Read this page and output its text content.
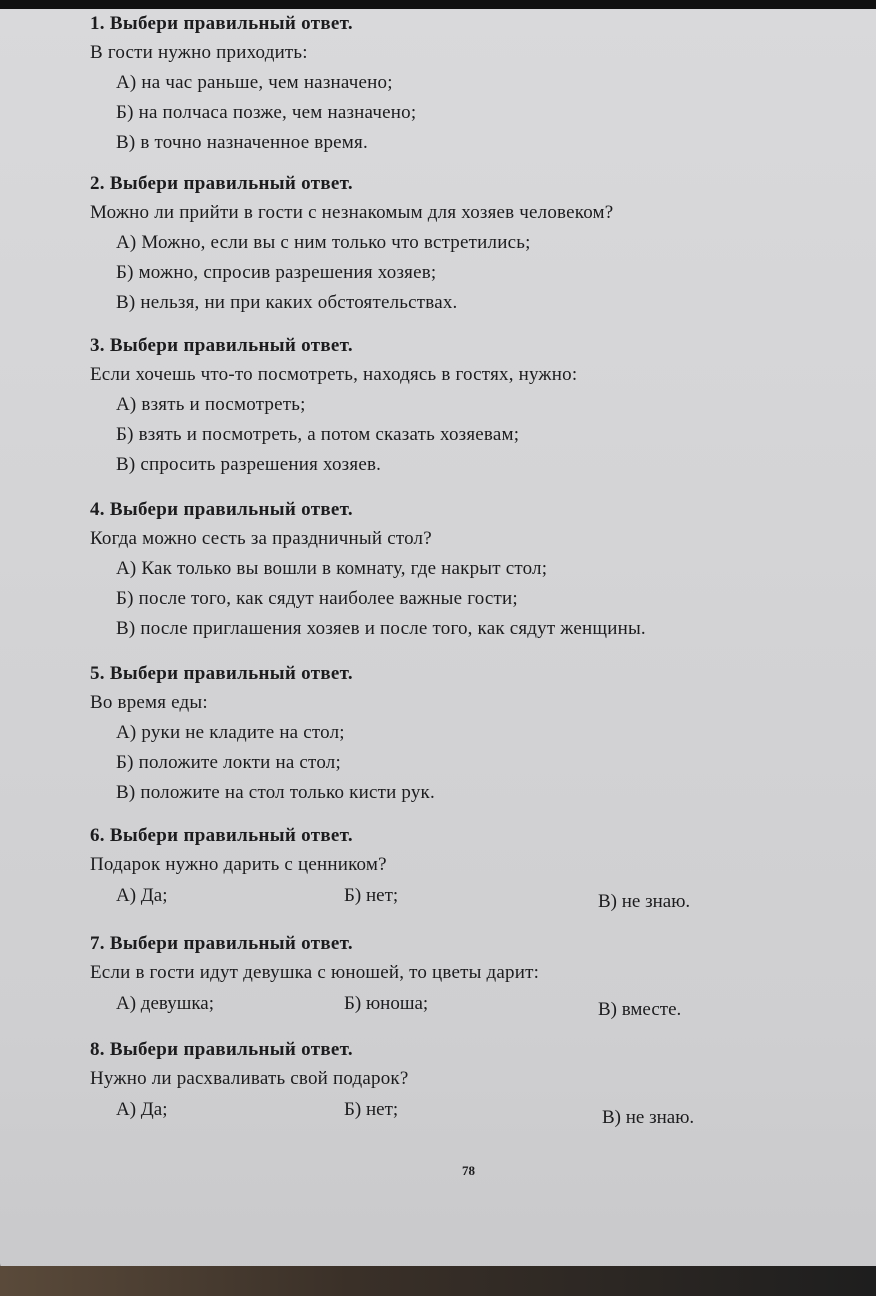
1. Выбери правильный ответ.

В гости нужно приходить:

А) на час раньше, чем назначено;

Б) на полчаса позже, чем назначено;

В) в точно назначенное время.

2. Выбери правильный ответ.

Можно ли прийти в гости с незнакомым для хозяев человеком?

А) Можно, если вы с ним только что встретились;

Б) можно, спросив разрешения хозяев;

В) нельзя, ни при каких обстоятельствах.

3. Выбери правильный ответ.

Если хочешь что-то посмотреть, находясь в гостях, нужно:

А) взять и посмотреть;

Б) взять и посмотреть, а потом сказать хозяевам;

В) спросить разрешения хозяев.

4. Выбери правильный ответ.

Когда можно сесть за праздничный стол?

А) Как только вы вошли в комнату, где накрыт стол;

Б) после того, как сядут наиболее важные гости;

В) после приглашения хозяев и после того, как сядут женщины.

5. Выбери правильный ответ.

Во время еды:

А) руки не кладите на стол;

Б) положите локти на стол;

В) положите на стол только кисти рук.

6. Выбери правильный ответ.

Подарок нужно дарить с ценником?

А) Да;	Б) нет;	В) не знаю.

7. Выбери правильный ответ.

Если в гости идут девушка с юношей, то цветы дарит:

А) девушка;	Б) юноша;	В) вместе.

8. Выбери правильный ответ.

Нужно ли расхваливать свой подарок?

А) Да;	Б) нет;	В) не знаю.
78
